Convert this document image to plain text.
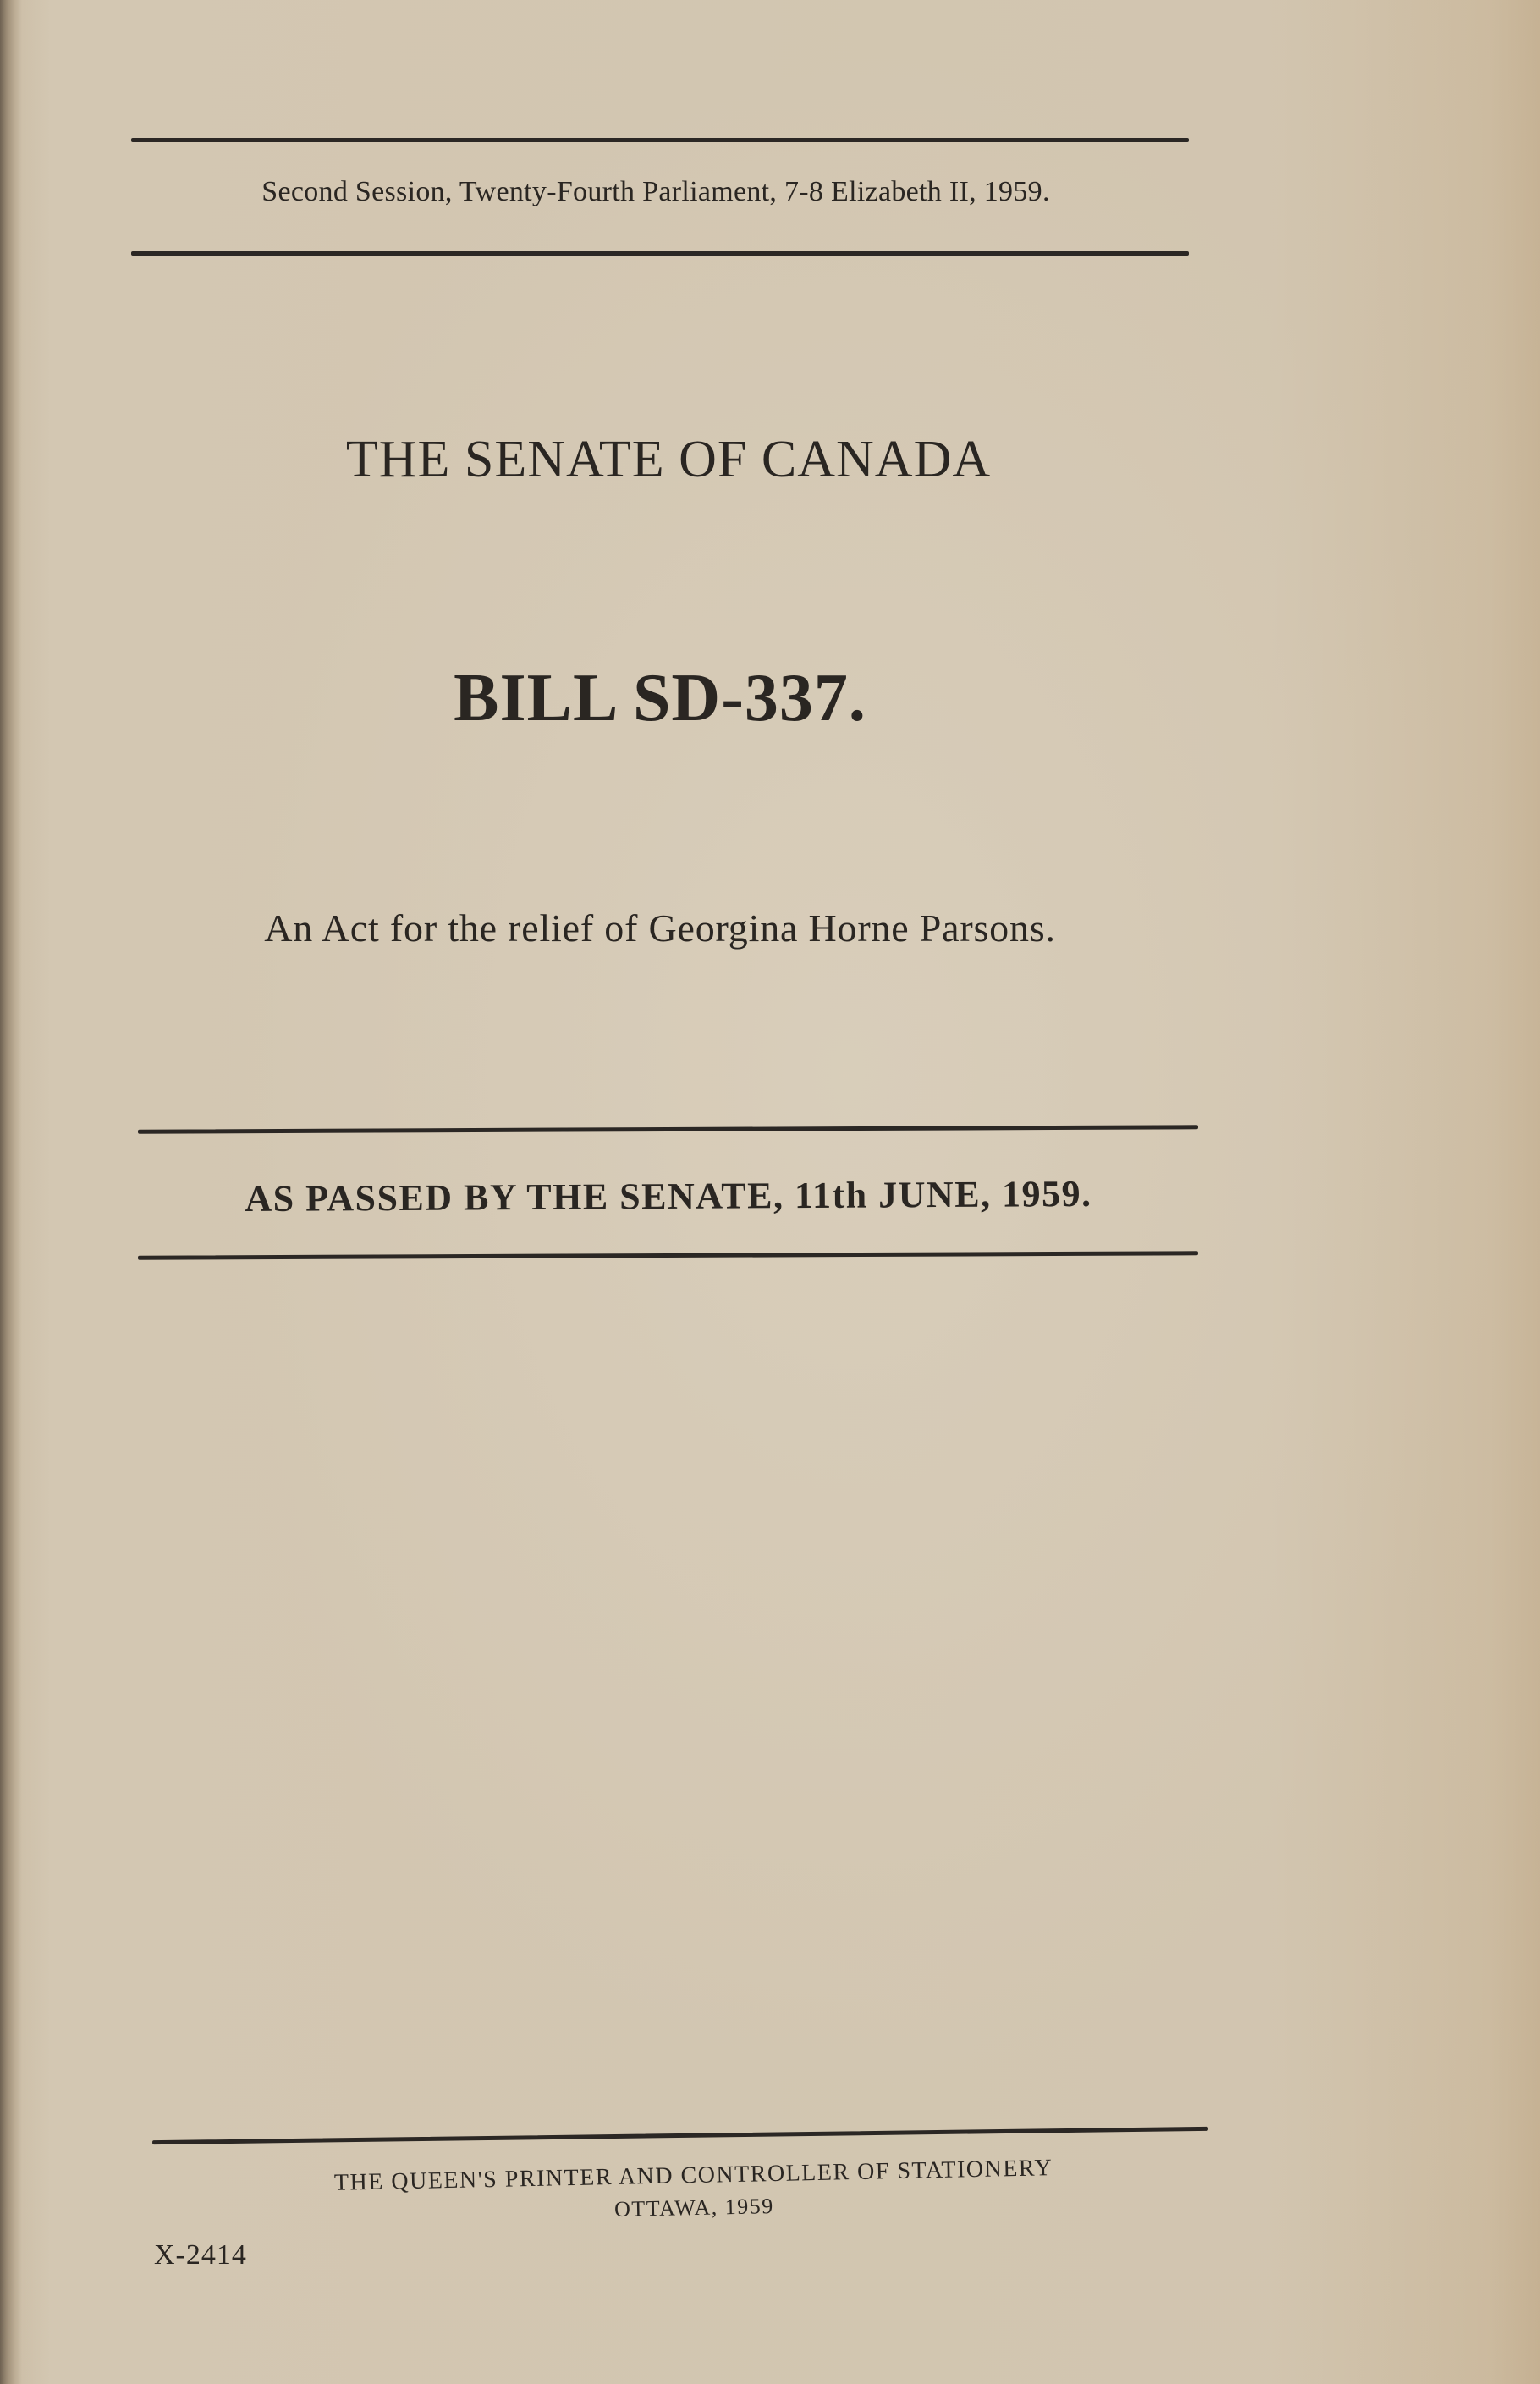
Second Session, Twenty-Fourth Parliament, 7-8 Elizabeth II, 1959.
THE SENATE OF CANADA
BILL SD-337.
An Act for the relief of Georgina Horne Parsons.
AS PASSED BY THE SENATE, 11th JUNE, 1959.
THE QUEEN'S PRINTER AND CONTROLLER OF STATIONERY
OTTAWA, 1959
X-2414
